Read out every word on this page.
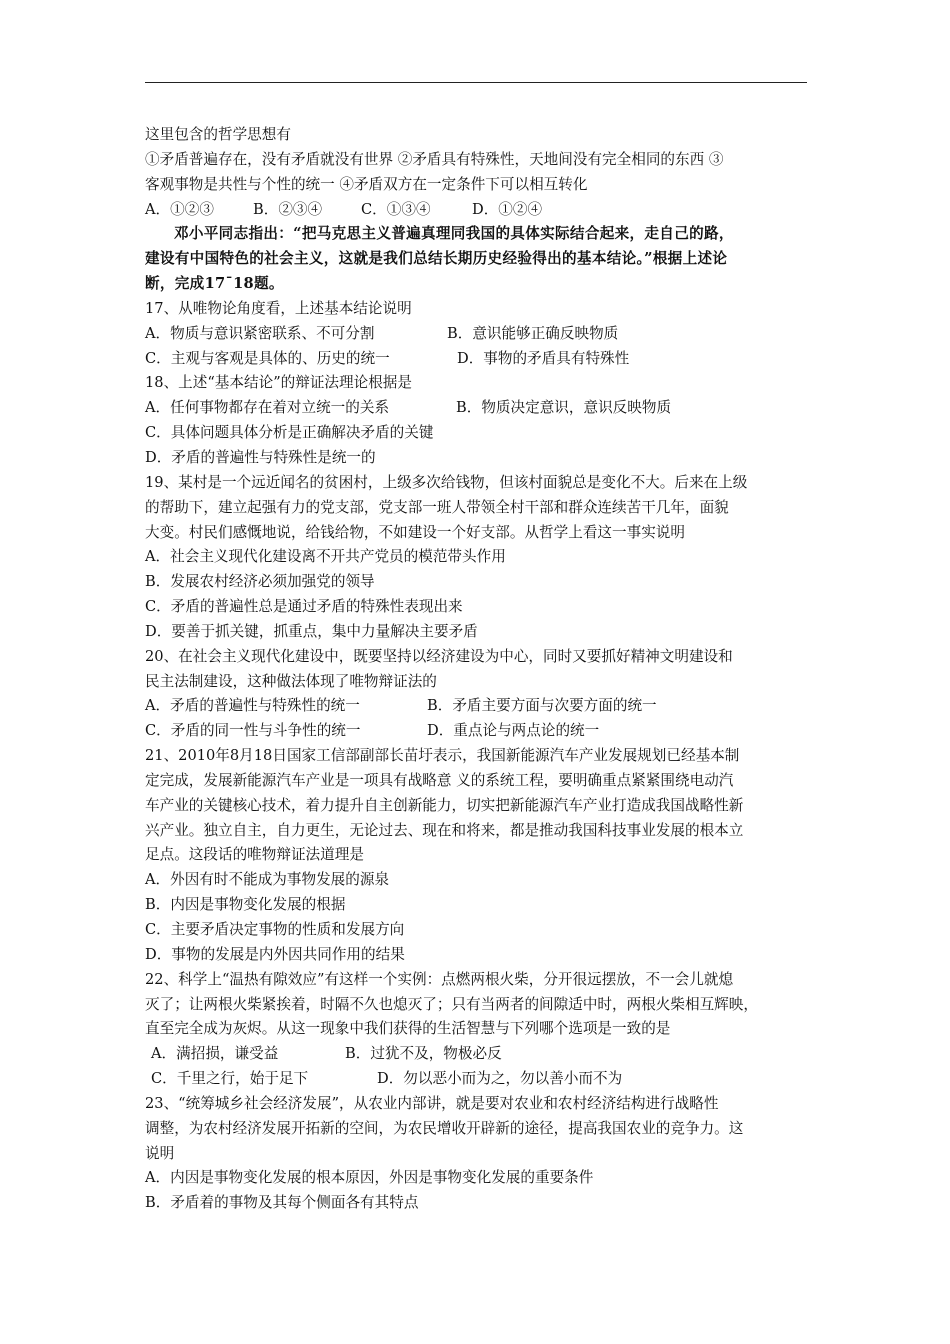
这里包含的哲学思想有
①矛盾普遍存在，没有矛盾就没有世界 ②矛盾具有特殊性，天地间没有完全相同的东西 ③
客观事物是共性与个性的统一 ④矛盾双方在一定条件下可以相互转化
A．①②③	B．②③④	C．①③④	D．①②④
邓小平同志指出：“把马克思主义普遍真理同我国的具体实际结合起来，走自己的路，
建设有中国特色的社会主义，这就是我们总结长期历史经验得出的基本结论。”根据上述论
断，完成17¯18题。
17、从唯物论角度看，上述基本结论说明
A．物质与意识紧密联系、不可分割	B．意识能够正确反映物质
C．主观与客观是具体的、历史的统一	D．事物的矛盾具有特殊性
18、上述“基本结论”的辩证法理论根据是
A．任何事物都存在着对立统一的关系	B．物质决定意识，意识反映物质
C．具体问题具体分析是正确解决矛盾的关键
D．矛盾的普遍性与特殊性是统一的
19、某村是一个远近闻名的贫困村，上级多次给钱物，但该村面貌总是变化不大。后来在上级
的帮助下，建立起强有力的党支部，党支部一班人带领全村干部和群众连续苦干几年，面貌
大变。村民们感慨地说，给钱给物，不如建设一个好支部。从哲学上看这一事实说明
A．社会主义现代化建设离不开共产党员的模范带头作用
B．发展农村经济必须加强党的领导
C．矛盾的普遍性总是通过矛盾的特殊性表现出来
D．要善于抓关键，抓重点，集中力量解决主要矛盾
20、在社会主义现代化建设中，既要坚持以经济建设为中心，同时又要抓好精神文明建设和
民主法制建设，这种做法体现了唯物辩证法的
A．矛盾的普遍性与特殊性的统一	B．矛盾主要方面与次要方面的统一
C．矛盾的同一性与斗争性的统一	D．重点论与两点论的统一
21、2010年8月18日国家工信部副部长苗圩表示，我国新能源汽车产业发展规划已经基本制
定完成，发展新能源汽车产业是一项具有战略意 义的系统工程，要明确重点紧紧围绕电动汽
车产业的关键核心技术，着力提升自主创新能力，切实把新能源汽车产业打造成我国战略性新
兴产业。独立自主，自力更生，无论过去、现在和将来，都是推动我国科技事业发展的根本立
足点。这段话的唯物辩证法道理是
A．外因有时不能成为事物发展的源泉
B．内因是事物变化发展的根据
C．主要矛盾决定事物的性质和发展方向
D．事物的发展是内外因共同作用的结果
22、科学上“温热有隙效应”有这样一个实例：点燃两根火柴，分开很远摆放，不一会儿就熄
灭了；让两根火柴紧挨着，时隔不久也熄灭了；只有当两者的间隙适中时，两根火柴相互辉映，
直至完全成为灰烬。从这一现象中我们获得的生活智慧与下列哪个选项是一致的是
A．满招损，谦受益	B．过犹不及，物极必反
C．千里之行，始于足下	D．勿以恶小而为之，勿以善小而不为
23、“统筹城乡社会经济发展”，从农业内部讲，就是要对农业和农村经济结构进行战略性
调整，为农村经济发展开拓新的空间，为农民增收开辟新的途径，提高我国农业的竞争力。这
说明
A．内因是事物变化发展的根本原因，外因是事物变化发展的重要条件
B．矛盾着的事物及其每个侧面各有其特点
